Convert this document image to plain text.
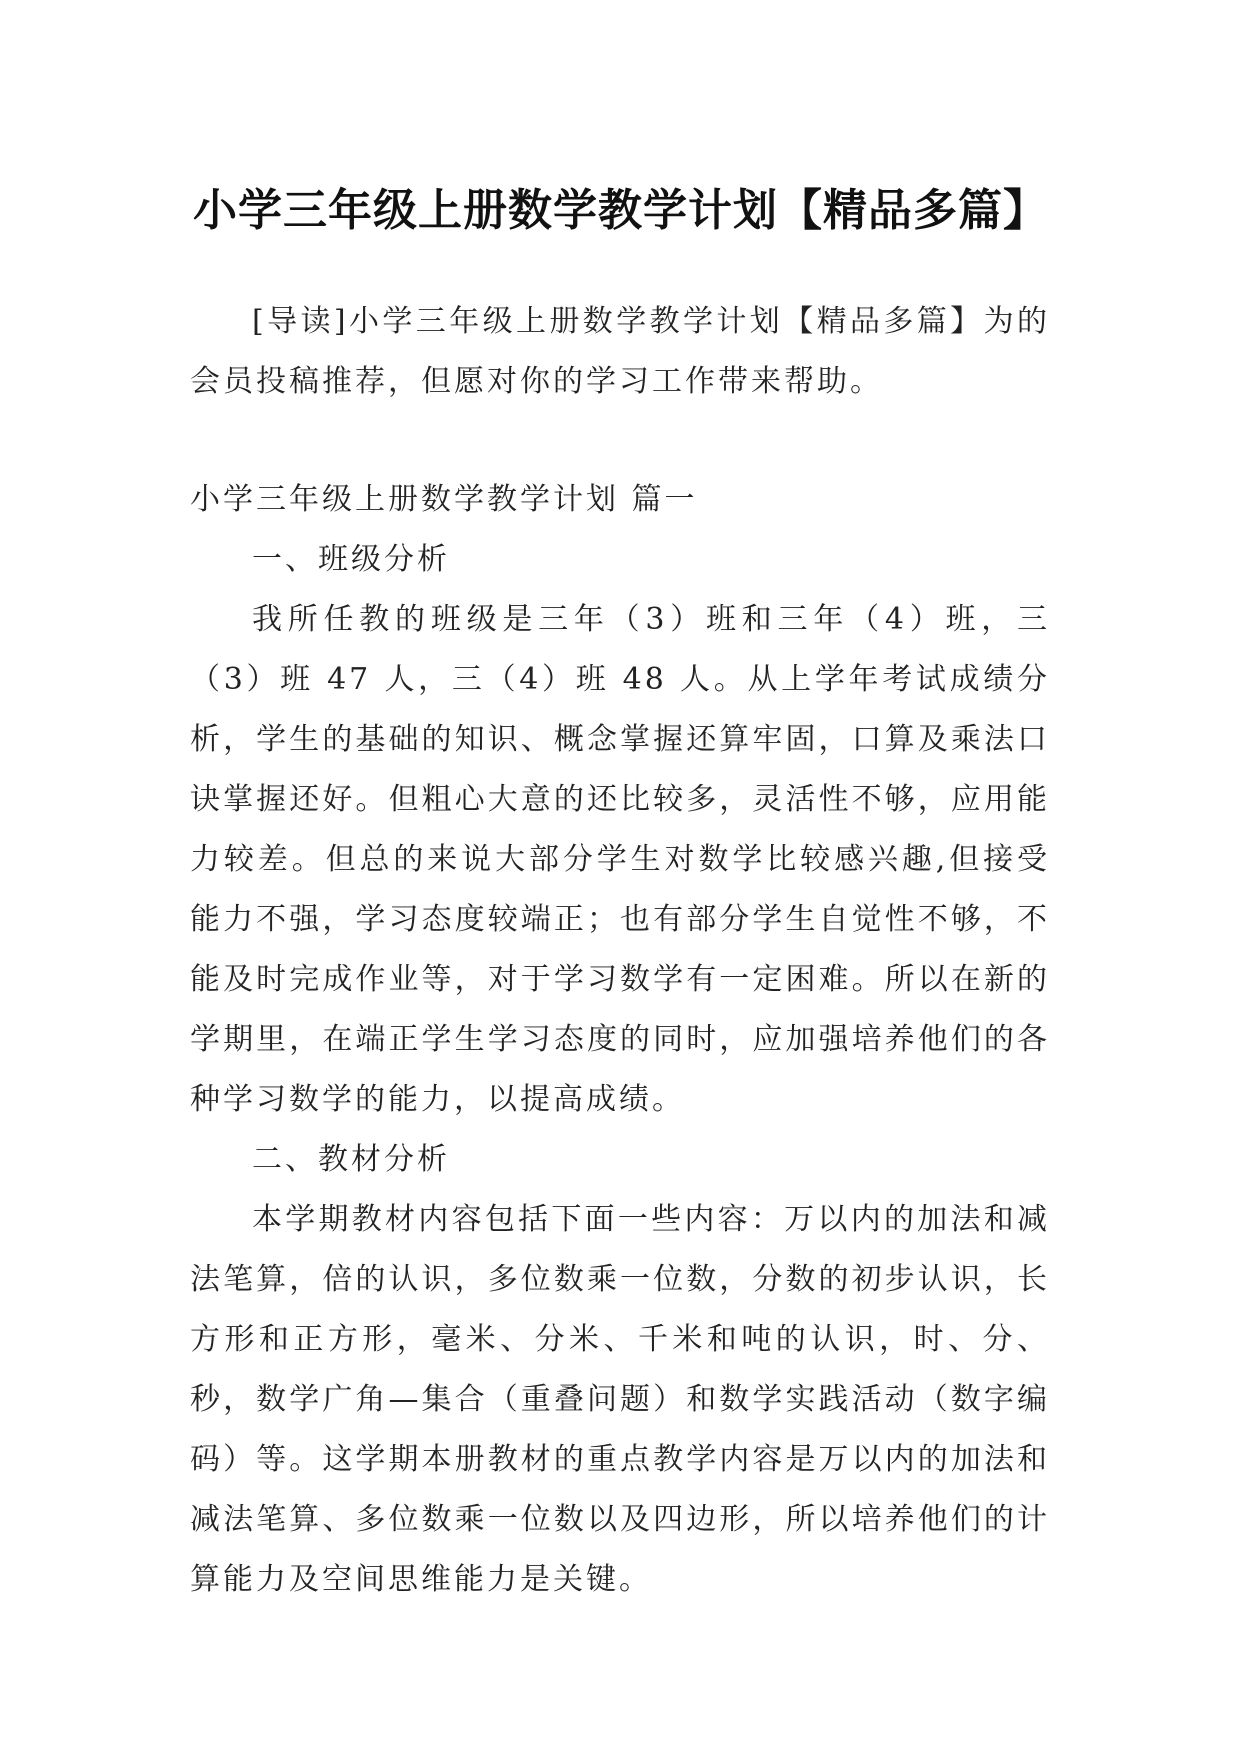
小学三年级上册数学教学计划【精品多篇】

[导读]小学三年级上册数学教学计划【精品多篇】为的会员投稿推荐，但愿对你的学习工作带来帮助。

小学三年级上册数学教学计划 篇一

一、班级分析

我所任教的班级是三年（3）班和三年（4）班，三（3）班 47 人，三（4）班 48 人。从上学年考试成绩分析，学生的基础的知识、概念掌握还算牢固，口算及乘法口诀掌握还好。但粗心大意的还比较多，灵活性不够，应用能力较差。但总的来说大部分学生对数学比较感兴趣,但接受能力不强，学习态度较端正；也有部分学生自觉性不够，不能及时完成作业等，对于学习数学有一定困难。所以在新的学期里，在端正学生学习态度的同时，应加强培养他们的各种学习数学的能力，以提高成绩。

二、教材分析

本学期教材内容包括下面一些内容：万以内的加法和减法笔算，倍的认识，多位数乘一位数，分数的初步认识，长方形和正方形，毫米、分米、千米和吨的认识，时、分、秒，数学广角—集合（重叠问题）和数学实践活动（数字编码）等。这学期本册教材的重点教学内容是万以内的加法和减法笔算、多位数乘一位数以及四边形，所以培养他们的计算能力及空间思维能力是关键。
